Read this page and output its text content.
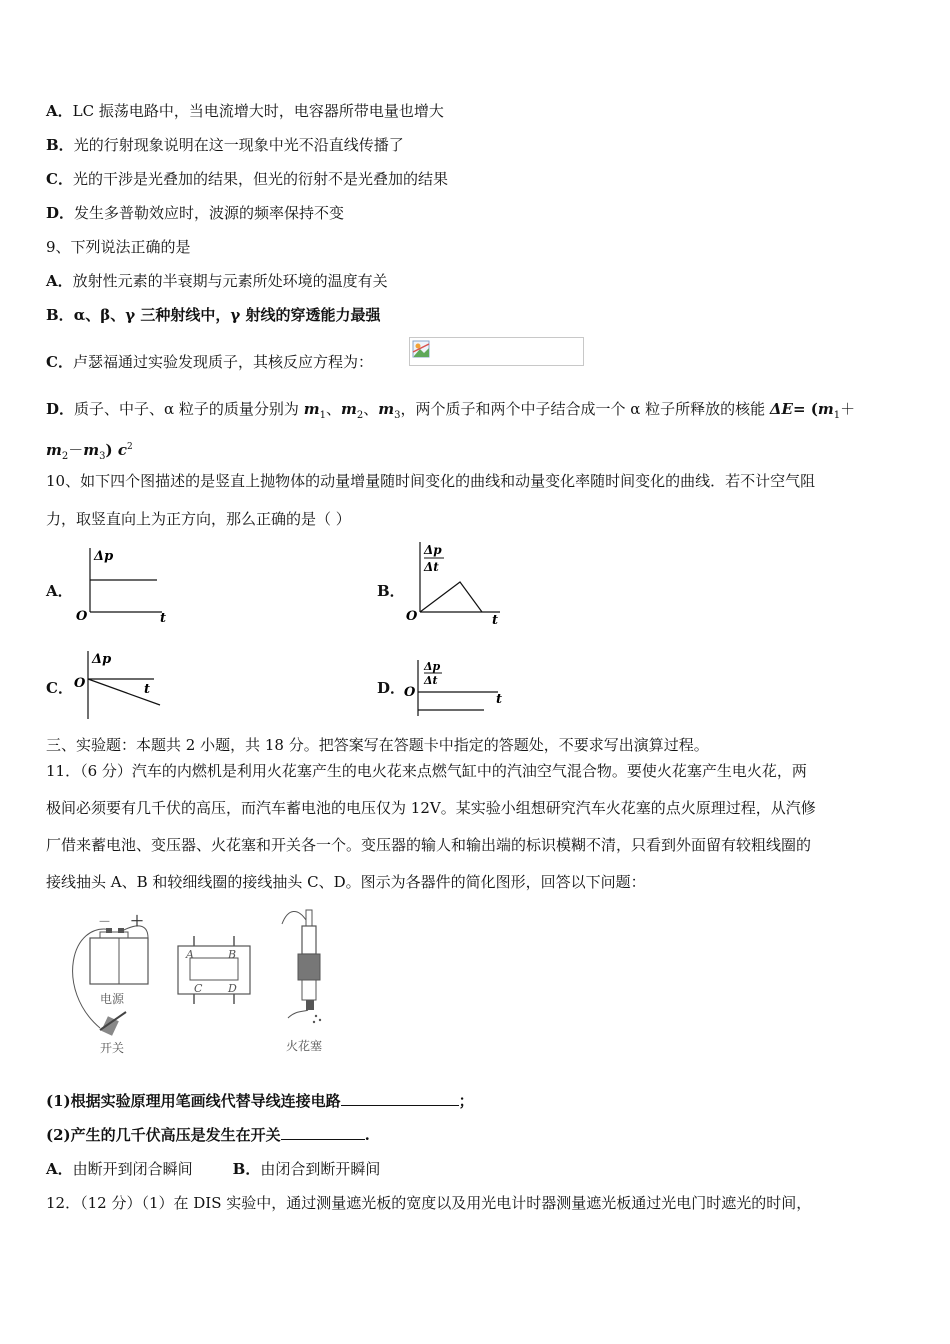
A．LC 振荡电路中，当电流增大时，电容器所带电量也增大
B．光的行射现象说明在这一现象中光不沿直线传播了
C．光的干涉是光叠加的结果，但光的衍射不是光叠加的结果
D．发生多普勒效应时，波源的频率保持不变
9、下列说法正确的是
A．放射性元素的半衰期与元素所处环境的温度有关
B．α、β、γ 三种射线中，γ 射线的穿透能力最强
C．卢瑟福通过实验发现质子，其核反应方程为：
D．质子、中子、α 粒子的质量分别为 $m_1$、$m_2$、$m_3$，两个质子和两个中子结合成一个 α 粒子所释放的核能 $\Delta E= (m_1+$
$m_2-m_3$) $c^2$
10、如下四个图描述的是竖直上抛物体的动量增量随时间变化的曲线和动量变化率随时间变化的曲线．若不计空气阻
力，取竖直向上为正方向，那么正确的是（ ）
A．
Δp
O	t
B．
Δp
Δt
O	t
C．
Δp
O	t	D．
Δp
Δt
O	t
三、实验题：本题共 2 小题，共 18 分。把答案写在答题卡中指定的答题处，不要求写出演算过程。
11．（6 分）汽车的内燃机是利用火花塞产生的电火花来点燃气缸中的汽油空气混合物。要使火花塞产生电火花，两
极间必须要有几千伏的高压，而汽车蓄电池的电压仅为 12V。某实验小组想研究汽车火花塞的点火原理过程，从汽修
厂借来蓄电池、变压器、火花塞和开关各一个。变压器的输人和输出端的标识模糊不清，只看到外面留有较粗线圈的
接线抽头 A、B 和较细线圈的接线抽头 C、D。图示为各器件的简化图形，回答以下问题：
－ ＋
电源
开关
A	B
C D
火花塞
(1)根据实验原理用笔画线代替导线连接电路	；
(2)产生的几千伏高压是发生在开关	.
A．由断开到闭合瞬间	B．由闭合到断开瞬间
12．（12 分）（1）在 DIS 实验中，通过测量遮光板的宽度以及用光电计时器测量遮光板通过光电门时遮光的时间，
